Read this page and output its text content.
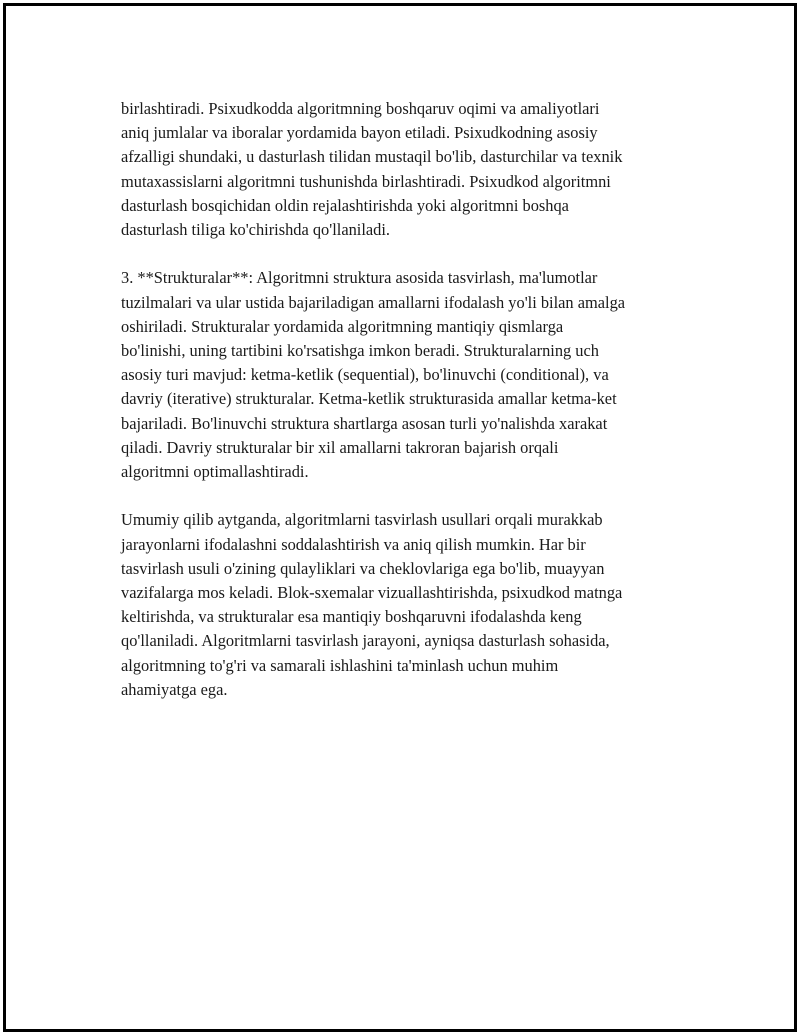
birlashtiradi. Psixudkodda algoritmning boshqaruv oqimi va amaliyotlari
aniq jumlalar va iboralar yordamida bayon etiladi. Psixudkodning asosiy
afzalligi shundaki, u dasturlash tilidan mustaqil bo'lib, dasturchilar va texnik
mutaxassislarni algoritmni tushunishda birlashtiradi. Psixudkod algoritmni
dasturlash bosqichidan oldin rejalashtirishda yoki algoritmni boshqa
dasturlash tiliga ko'chirishda qo'llaniladi.

3. **Strukturalar**: Algoritmni struktura asosida tasvirlash, ma'lumotlar
tuzilmalari va ular ustida bajariladigan amallarni ifodalash yo'li bilan amalga
oshiriladi. Strukturalar yordamida algoritmning mantiqiy qismlarga
bo'linishi, uning tartibini ko'rsatishga imkon beradi. Strukturalarning uch
asosiy turi mavjud: ketma-ketlik (sequential), bo'linuvchi (conditional), va
davriy (iterative) strukturalar. Ketma-ketlik strukturasida amallar ketma-ket
bajariladi. Bo'linuvchi struktura shartlarga asosan turli yo'nalishda xarakat
qiladi. Davriy strukturalar bir xil amallarni takroran bajarish orqali
algoritmni optimallashtiradi.

Umumiy qilib aytganda, algoritmlarni tasvirlash usullari orqali murakkab
jarayonlarni ifodalashni soddalashtirish va aniq qilish mumkin. Har bir
tasvirlash usuli o'zining qulayliklari va cheklovlariga ega bo'lib, muayyan
vazifalarga mos keladi. Blok-sxemalar vizuallashtirishda, psixudkod matnga
keltirishda, va strukturalar esa mantiqiy boshqaruvni ifodalashda keng
qo'llaniladi. Algoritmlarni tasvirlash jarayoni, ayniqsa dasturlash sohasida,
algoritmning to'g'ri va samarali ishlashini ta'minlash uchun muhim
ahamiyatga ega.
